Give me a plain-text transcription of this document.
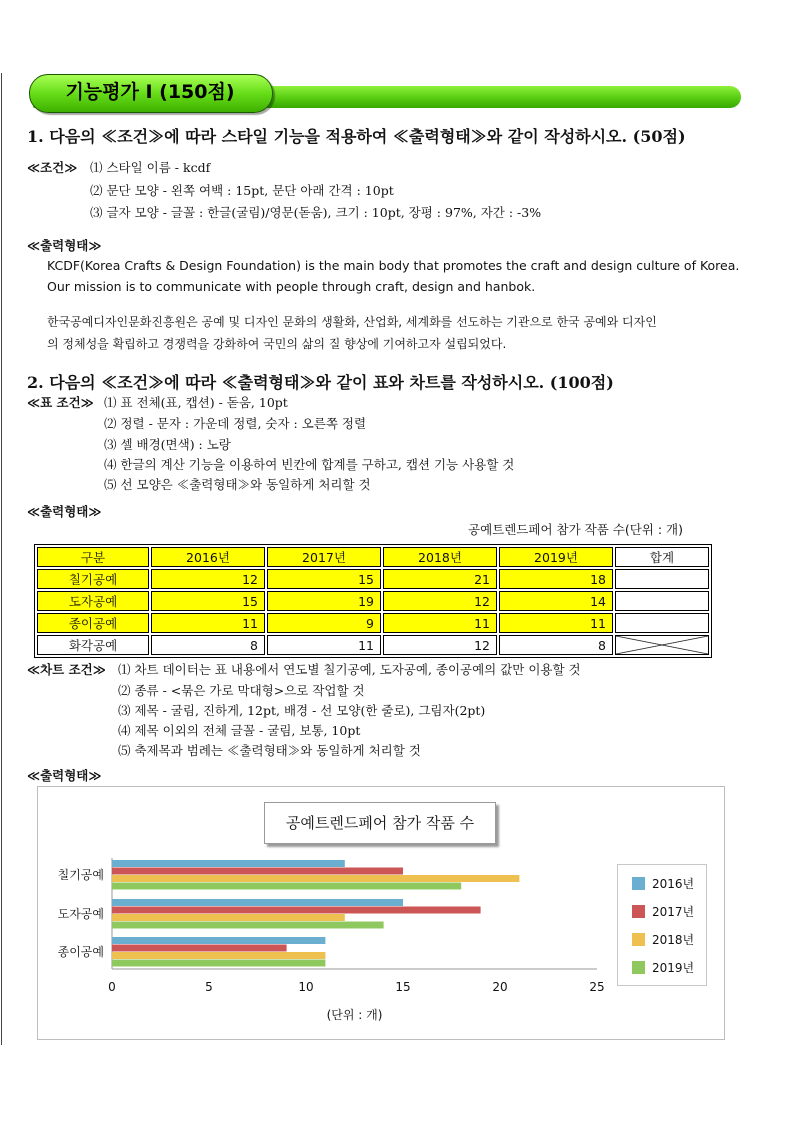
기능평가 Ⅰ (150점)
1. 다음의 ≪조건≫에 따라 스타일 기능을 적용하여 ≪출력형태≫와 같이 작성하시오. (50점)
≪조건≫ ⑴ 스타일 이름 - kcdf
⑵ 문단 모양 - 왼쪽 여백 : 15pt, 문단 아래 간격 : 10pt
⑶ 글자 모양 - 글꼴 : 한글(굴림)/영문(돋움), 크기 : 10pt, 장평 : 97%, 자간 : -3%
≪출력형태≫
KCDF(Korea Crafts & Design Foundation) is the main body that promotes the craft and design culture of Korea.
Our mission is to communicate with people through craft, design and hanbok.
한국공예디자인문화진흥원은 공예 및 디자인 문화의 생활화, 산업화, 세계화를 선도하는 기관으로 한국 공예와 디자인
의 정체성을 확립하고 경쟁력을 강화하여 국민의 삶의 질 향상에 기여하고자 설립되었다.
2. 다음의 ≪조건≫에 따라 ≪출력형태≫와 같이 표와 차트를 작성하시오. (100점)
≪표 조건≫ ⑴ 표 전체(표, 캡션) - 돋움, 10pt
⑵ 정렬 - 문자 : 가운데 정렬, 숫자 : 오른쪽 정렬
⑶ 셀 배경(면색) : 노랑
⑷ 한글의 계산 기능을 이용하여 빈칸에 합계를 구하고, 캡션 기능 사용할 것
⑸ 선 모양은 ≪출력형태≫와 동일하게 처리할 것
≪출력형태≫
공예트렌드페어 참가 작품 수(단위 : 개)
구분	2016년	2017년	2018년	2019년	합계
칠기공예	12	15	21	18	
도자공예	15	19	12	14	
종이공예	11	9	11	11	
화각공예	8	11	12	8	
≪차트 조건≫ ⑴ 차트 데이터는 표 내용에서 연도별 칠기공예, 도자공예, 종이공예의 값만 이용할 것
⑵ 종류 - <묶은 가로 막대형>으로 작업할 것
⑶ 제목 - 굴림, 진하게, 12pt, 배경 - 선 모양(한 줄로), 그림자(2pt)
⑷ 제목 이외의 전체 글꼴 - 굴림, 보통, 10pt
⑸ 축제목과 범례는 ≪출력형태≫와 동일하게 처리할 것
≪출력형태≫
공예트렌드페어 참가 작품 수
칠기공예
도자공예
종이공예
0	5	10	15	20	25
(단위 : 개)
2016년
2017년
2018년
2019년
